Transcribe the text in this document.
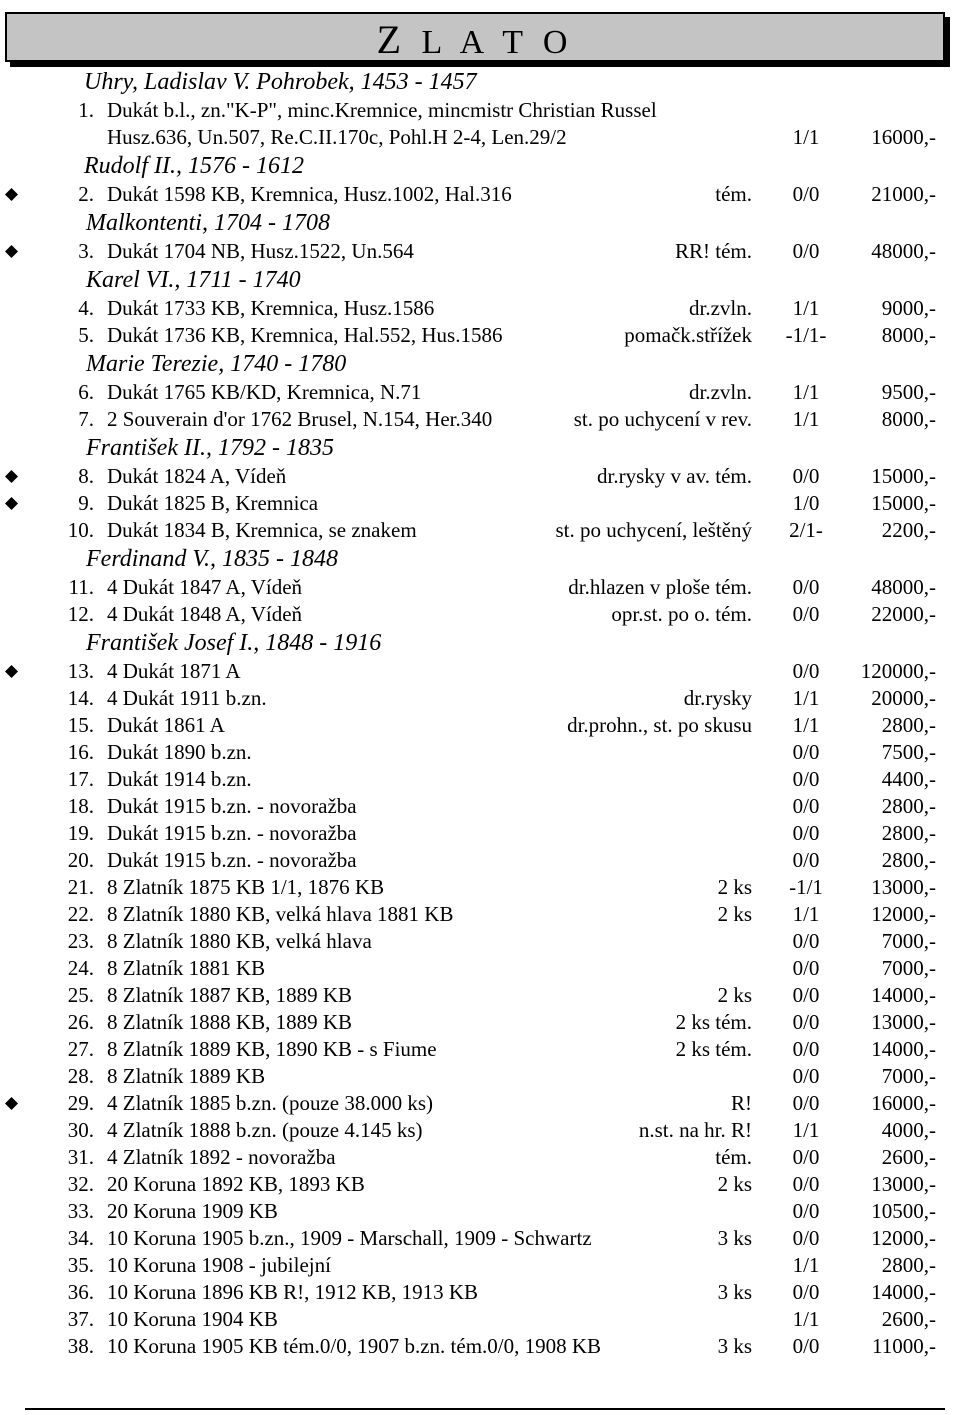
Z L A T O
Uhry, Ladislav V. Pohrobek, 1453 - 1457
1. Dukát b.l., zn."K-P", minc.Kremnice, mincmistr Christian Russel
Husz.636, Un.507, Re.C.II.170c, Pohl.H 2-4, Len.29/2	1/1	16000,-
Rudolf II., 1576 - 1612
2. Dukát 1598 KB, Kremnica, Husz.1002, Hal.316	tém.	0/0	21000,-
Malkontenti, 1704 - 1708
3. Dukát 1704 NB, Husz.1522, Un.564	RR! tém.	0/0	48000,-
Karel VI., 1711 - 1740
4. Dukát 1733 KB, Kremnica, Husz.1586	dr.zvln.	1/1	9000,-
5. Dukát 1736 KB, Kremnica, Hal.552, Hus.1586	pomačk.střížek	-1/1-	8000,-
Marie Terezie, 1740 - 1780
6. Dukát 1765 KB/KD, Kremnica, N.71	dr.zvln.	1/1	9500,-
7. 2 Souverain d'or 1762 Brusel, N.154, Her.340	st. po uchycení v rev.	1/1	8000,-
František II., 1792 - 1835
8. Dukát 1824 A, Vídeň	dr.rysky v av. tém.	0/0	15000,-
9. Dukát 1825 B, Kremnica	1/0	15000,-
10. Dukát 1834 B, Kremnica, se znakem	st. po uchycení, leštěný	2/1-	2200,-
Ferdinand V., 1835 - 1848
11. 4 Dukát 1847 A, Vídeň	dr.hlazen v ploše tém.	0/0	48000,-
12. 4 Dukát 1848 A, Vídeň	opr.st. po o. tém.	0/0	22000,-
František Josef I., 1848 - 1916
13. 4 Dukát 1871 A	0/0	120000,-
14. 4 Dukát 1911 b.zn.	dr.rysky	1/1	20000,-
15. Dukát 1861 A	dr.prohn., st. po skusu	1/1	2800,-
16. Dukát 1890 b.zn.	0/0	7500,-
17. Dukát 1914 b.zn.	0/0	4400,-
18. Dukát 1915 b.zn. - novoražba	0/0	2800,-
19. Dukát 1915 b.zn. - novoražba	0/0	2800,-
20. Dukát 1915 b.zn. - novoražba	0/0	2800,-
21. 8 Zlatník 1875 KB 1/1, 1876 KB	2 ks	-1/1	13000,-
22. 8 Zlatník 1880 KB, velká hlava 1881 KB	2 ks	1/1	12000,-
23. 8 Zlatník 1880 KB, velká hlava	0/0	7000,-
24. 8 Zlatník 1881 KB	0/0	7000,-
25. 8 Zlatník 1887 KB, 1889 KB	2 ks	0/0	14000,-
26. 8 Zlatník 1888 KB, 1889 KB	2 ks tém.	0/0	13000,-
27. 8 Zlatník 1889 KB, 1890 KB - s Fiume	2 ks tém.	0/0	14000,-
28. 8 Zlatník 1889 KB	0/0	7000,-
29. 4 Zlatník 1885 b.zn. (pouze 38.000 ks)	R!	0/0	16000,-
30. 4 Zlatník 1888 b.zn. (pouze 4.145 ks)	n.st. na hr. R!	1/1	4000,-
31. 4 Zlatník 1892 - novoražba	tém.	0/0	2600,-
32. 20 Koruna 1892 KB, 1893 KB	2 ks	0/0	13000,-
33. 20 Koruna 1909 KB	0/0	10500,-
34. 10 Koruna 1905 b.zn., 1909 - Marschall, 1909 - Schwartz	3 ks	0/0	12000,-
35. 10 Koruna 1908 - jubilejní	1/1	2800,-
36. 10 Koruna 1896 KB R!, 1912 KB, 1913 KB	3 ks	0/0	14000,-
37. 10 Koruna 1904 KB	1/1	2600,-
38. 10 Koruna 1905 KB tém.0/0, 1907 b.zn. tém.0/0, 1908 KB	3 ks	0/0	11000,-
